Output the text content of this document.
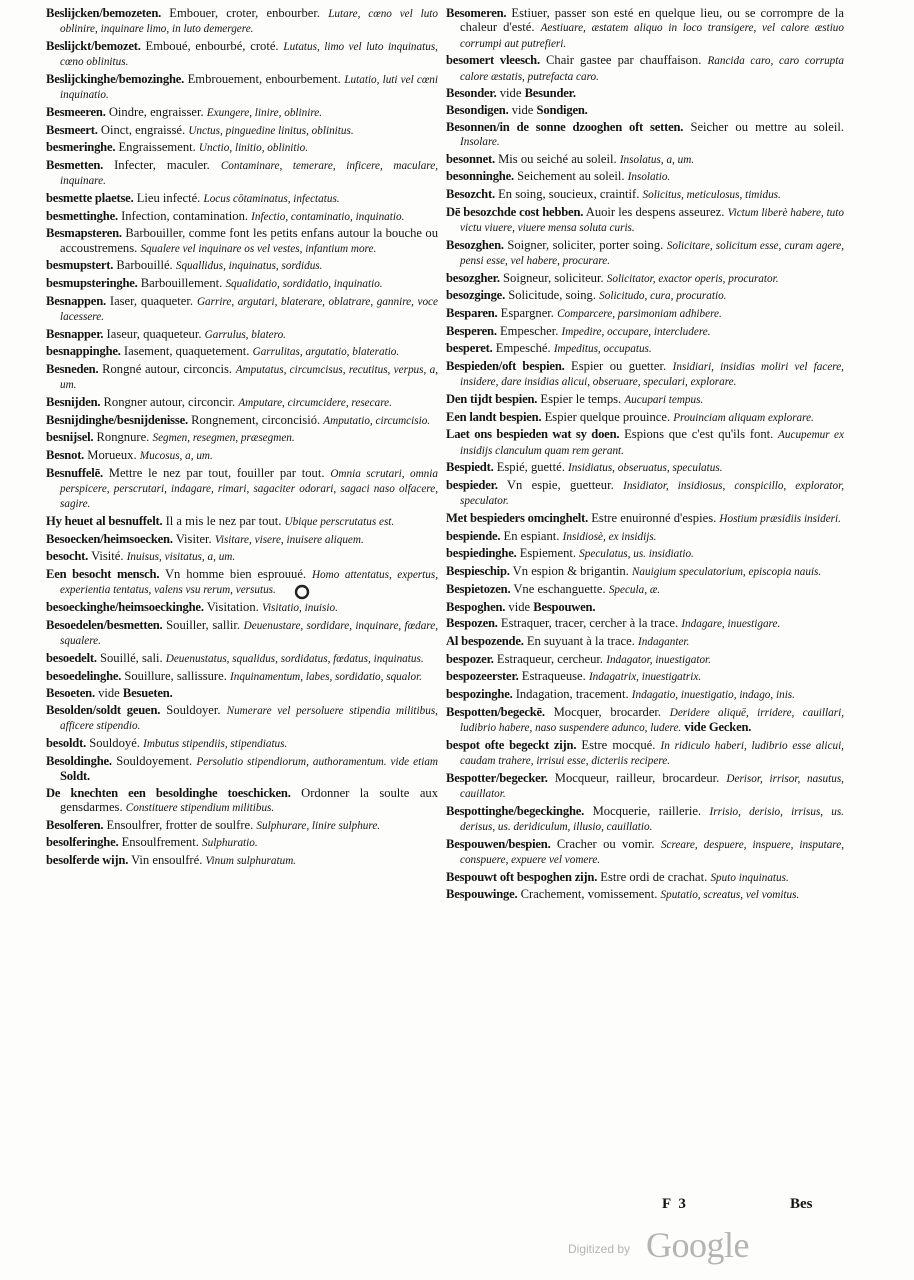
Beslijcken/bemozeten. Embouer, croter, enbourber. Lutare, cœno vel luto oblinire, inquinare limo, in luto demergere.

Beslijckt/bemozet. Emboué, enbourbé, croté. Lutatus, limo vel luto inquinatus, cœno oblinitus.

Beslijckinghe/bemozinghe. Embrouement, enbourbement. Lutatio, luti vel cœni inquinatio.

Besmeeren. Oindre, engraisser. Exungere, linire, oblinire.

Besmeert. Oinct, engraissé. Unctus, pinguedine linitus, oblinitus.

besmeringhe. Engraissement. Unctio, linitio, oblinitio.

Besmetten. Infecter, maculer. Contaminare, temerare, inficere, maculare, inquinare.

besmette plaetse. Lieu infecté. Locus cōtaminatus, infectatus.

besmettinghe. Infection, contamination. Infectio, contaminatio, inquinatio.

Besmapsteren. Barbouiller, comme font les petits enfans autour la bouche ou accoustremens. Squalere vel inquinare os vel vestes, infantium more.

besmupstert. Barbouillé. Squallidus, inquinatus, sordidus.

besmupsteringhe. Barbouillement. Squalidatio, sordidatio, inquinatio.

Besnappen. Iaser, quaqueter. Garrire, argutari, blaterare, oblatrare, gannire, voce lacessere.

Besnapper. Iaseur, quaqueteur. Garrulus, blatero.

besnappinghe. Iasement, quaquetement. Garrulitas, argutatio, blateratio.

Besneden. Rongné autour, circoncis. Amputatus, circumcisus, recutitus, verpus, a, um.

Besnijden. Rongner autour, circoncir. Amputare, circumcidere, resecare.

Besnijdinghe/besnijdenisse. Rongnement, circoncisió. Amputatio, circumcisio.

besnijsel. Rongnure. Segmen, resegmen, præsegmen.

Besnot. Morueux. Mucosus, a, um.

Besnuffelē. Mettre le nez par tout, fouiller par tout. Omnia scrutari, omnia perspicere, perscrutari, indagare, rimari, sagaciter odorari, sagaci naso olfacere, sagire.

Hy heuet al besnuffelt. Il a mis le nez par tout. Ubique perscrutatus est.

Besoecken/heimsoecken. Visiter. Visitare, visere, inuisere aliquem.

besocht. Visité. Inuisus, visitatus, a, um.

Een besocht mensch. Vn homme bien esprouué. Homo attentatus, expertus, experientia tentatus, valens vsu rerum, versutus.

besoeckinghe/heimsoeckinghe. Visitation. Visitatio, inuisio.

Besoedelen/besmetten. Souiller, sallir. Deuenustare, sordidare, inquinare, fœdare, squalere.

besoedelt. Souillé, sali. Deuenustatus, squalidus, sordidatus, fœdatus, inquinatus.

besoedelinghe. Souillure, sallissure. Inquinamentum, labes, sordidatio, squalor.

Besoeten. vide Besueten.

Besolden/soldt geuen. Souldoyer. Numerare vel persoluere stipendia militibus, afficere stipendio.

besoldt. Souldoyé. Imbutus stipendiis, stipendiatus.

Besoldinghe. Souldoyement. Persolutio stipendiorum, authoramentum. vide etiam Soldt.

De knechten een besoldinghe toeschicken. Ordonner la soulte aux gensdarmes. Constituere stipendium militibus.

Besolferen. Ensoulfrer, frotter de soulfre. Sulphurare, linire sulphure.

besolferinghe. Ensoulfrement. Sulphuratio.

besolferde wijn. Vin ensoulfré. Vinum sulphuratum.

Besomeren. Estiuer, passer son esté en quelque lieu, ou se corrompre de la chaleur d'esté. Aestiuare, æstatem aliquo in loco transigere, vel calore æstiuo corrumpi aut putrefieri.

besomert vleesch. Chair gastee par chauffaison. Rancida caro, caro corrupta calore æstatis, putrefacta caro.

Besonder. vide Besunder.

Besondigen. vide Sondigen.

Besonnen/in de sonne dzooghen oft setten. Seicher ou mettre au soleil. Insolare.

besonnet. Mis ou seiché au soleil. Insolatus, a, um.

besonninghe. Seichement au soleil. Insolatio.

Besozcht. En soing, soucieux, craintif. Solicitus, meticulosus, timidus.

Dē besozchde cost hebben. Auoir les despens asseurez. Victum liberè habere, tuto victu viuere, viuere mensa soluta curis.

Besozghen. Soigner, soliciter, porter soing. Solicitare, solicitum esse, curam agere, pensi esse, vel habere, procurare.

besozgher. Soigneur, soliciteur. Solicitator, exactor operis, procurator.

besozginge. Solicitude, soing. Solicitudo, cura, procuratio.

Besparen. Espargner. Comparcere, parsimoniam adhibere.

Besperen. Empescher. Impedire, occupare, intercludere.

besperet. Empesché. Impeditus, occupatus.

Bespieden/oft bespien. Espier ou guetter. Insidiari, insidias moliri vel facere, insidere, dare insidias alicui, obseruare, speculari, explorare.

Den tijdt bespien. Espier le temps. Aucupari tempus.

Een landt bespien. Espier quelque prouince. Prouinciam aliquam explorare.

Laet ons bespieden wat sy doen. Espions que c'est qu'ils font. Aucupemur ex insidijs clanculum quam rem gerant.

Bespiedt. Espié, guetté. Insidiatus, obseruatus, speculatus.

bespieder. Vn espie, guetteur. Insidiator, insidiosus, conspicillo, explorator, speculator.

Met bespieders omcinghelt. Estre enuironné d'espies. Hostium præsidiis insideri.

bespiende. En espiant. Insidiosè, ex insidijs.

bespiedinghe. Espiement. Speculatus, us. insidiatio.

Bespieschip. Vn espion & brigantin. Nauigium speculatorium, episcopia nauis.

Bespietozen. Vne eschanguette. Specula, æ.

Bespoghen. vide Bespouwen.

Bespozen. Estraquer, tracer, cercher à la trace. Indagare, inuestigare.

Al bespozende. En suyuant à la trace. Indaganter.

bespozer. Estraqueur, cercheur. Indagator, inuestigator.

bespozeerster. Estraqueuse. Indagatrix, inuestigatrix.

bespozinghe. Indagation, tracement. Indagatio, inuestigatio, indago, inis.

Bespotten/begeckē. Mocquer, brocarder. Deridere aliquē, irridere, cauillari, ludibrio habere, naso suspendere adunco, ludere. vide Gecken.

bespot ofte begeckt zijn. Estre mocqué. In ridiculo haberi, ludibrio esse alicui, caudam trahere, irrisui esse, dicteriis recipere.

Bespotter/begecker. Mocqueur, railleur, brocardeur. Derisor, irrisor, nasutus, cauillator.

Bespottinghe/begeckinghe. Mocquerie, raillerie. Irrisio, derisio, irrisus, us. derisus, us. deridiculum, illusio, cauillatio.

Bespouwen/bespien. Cracher ou vomir. Screare, despuere, inspuere, insputare, conspuere, expuere vel vomere.

Bespouwt oft bespoghen zijn. Estre ordi de crachat. Sputo inquinatus.

Bespouwinge. Crachement, vomissement. Sputatio, screatus, vel vomitus.

F 3	Bes
Digitized by Google
